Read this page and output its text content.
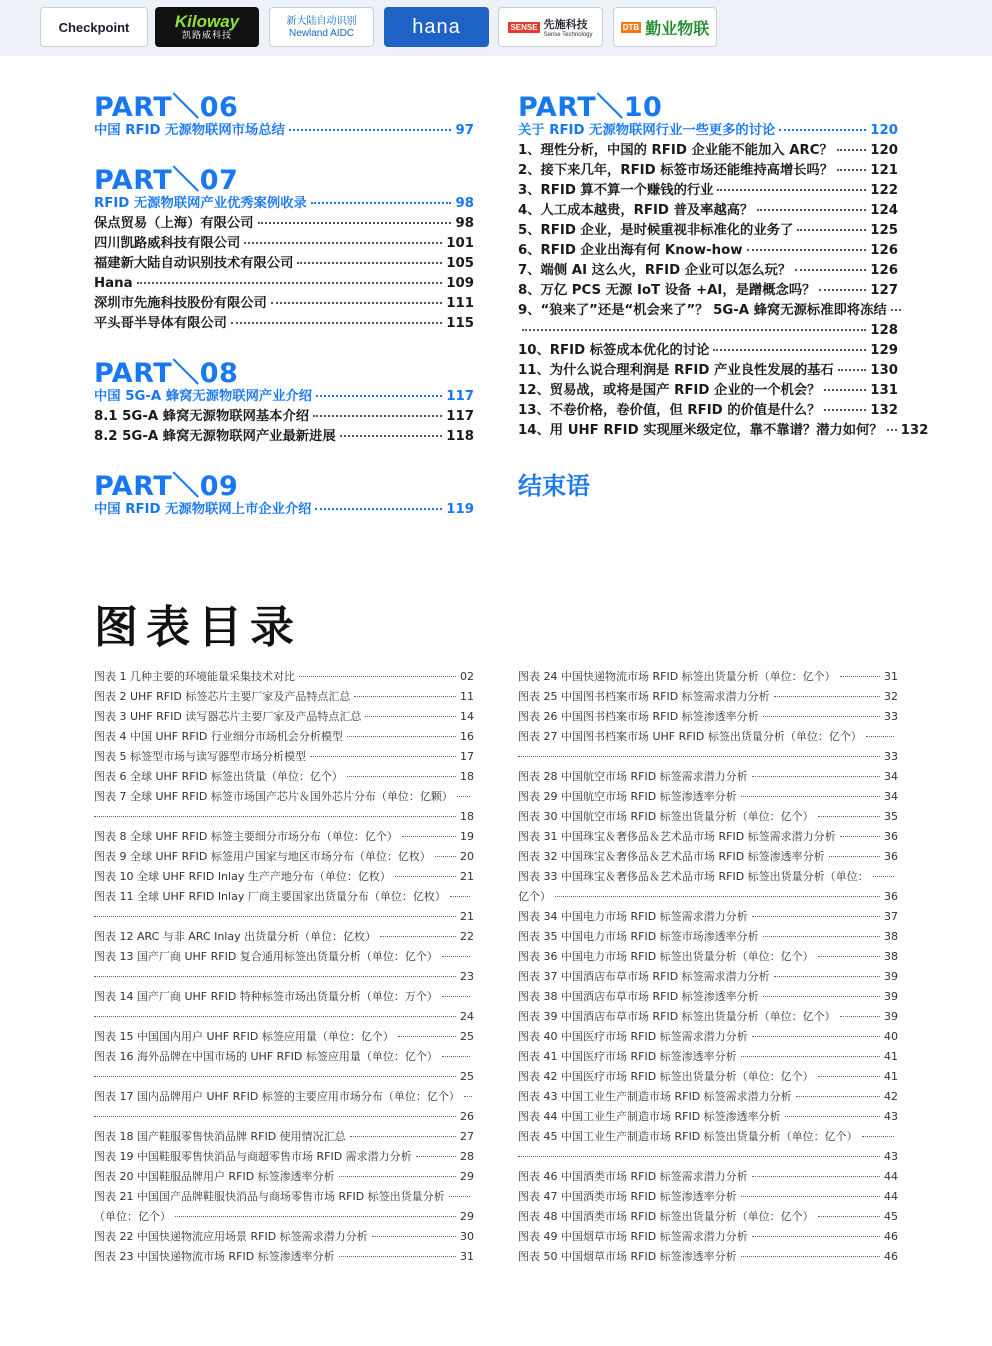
Checkpoint	Kiloway
凯路威科技
新大陆自动识别
Newland AIDC	hana	SENSE 先施科技
Sense Technology
DTB 勤业物联
PART＼06
中国 RFID 无源物联网市场总结	97
PART＼07
RFID 无源物联网产业优秀案例收录	98
保点贸易（上海）有限公司	98
四川凯路威科技有限公司	101
福建新大陆自动识别技术有限公司	105
Hana	109
深圳市先施科技股份有限公司	111
平头哥半导体有限公司	115
PART＼08
中国 5G-A 蜂窝无源物联网产业介绍	117
8.1 5G-A 蜂窝无源物联网基本介绍	117
8.2 5G-A 蜂窝无源物联网产业最新进展	118
PART＼09
中国 RFID 无源物联网上市企业介绍	119
PART＼10
关于 RFID 无源物联网行业一些更多的讨论	120
1、理性分析，中国的 RFID 企业能不能加入 ARC？	120
2、接下来几年，RFID 标签市场还能维持高增长吗？	121
3、RFID 算不算一个赚钱的行业	122
4、人工成本越贵，RFID 普及率越高？	124
5、RFID 企业，是时候重视非标准化的业务了	125
6、RFID 企业出海有何 Know-how	126
7、端侧 AI 这么火，RFID 企业可以怎么玩？	126
8、万亿 PCS 无源 IoT 设备 +AI，是蹭概念吗？	127
9、“狼来了”还是“机会来了”？ 5G-A 蜂窝无源标准即将冻结
128
10、RFID 标签成本优化的讨论	129
11、为什么说合理利润是 RFID 产业良性发展的基石	130
12、贸易战，或将是国产 RFID 企业的一个机会？	131
13、不卷价格，卷价值，但 RFID 的价值是什么？	132
14、用 UHF RFID 实现厘米级定位，靠不靠谱？潜力如何？ 132
结束语
图表目录
图表 1 几种主要的环境能量采集技术对比	02
图表 2 UHF RFID 标签芯片主要厂家及产品特点汇总	11
图表 3 UHF RFID 读写器芯片主要厂家及产品特点汇总	14
图表 4 中国 UHF RFID 行业细分市场机会分析模型	16
图表 5 标签型市场与读写器型市场分析模型	17
图表 6 全球 UHF RFID 标签出货量（单位：亿个）	18
图表 7 全球 UHF RFID 标签市场国产芯片＆国外芯片分布（单位：亿颗）
18
图表 8 全球 UHF RFID 标签主要细分市场分布（单位：亿个）	19
图表 9 全球 UHF RFID 标签用户国家与地区市场分布（单位：亿枚）	20
图表 10 全球 UHF RFID Inlay 生产产地分布（单位：亿枚）	21
图表 11 全球 UHF RFID Inlay 厂商主要国家出货量分布（单位：亿枚）
21
图表 12 ARC 与非 ARC Inlay 出货量分析（单位：亿枚）	22
图表 13 国产厂商 UHF RFID 复合通用标签出货量分析（单位：亿个）
23
图表 14 国产厂商 UHF RFID 特种标签市场出货量分析（单位：万个）
24
图表 15 中国国内用户 UHF RFID 标签应用量（单位：亿个）	25
图表 16 海外品牌在中国市场的 UHF RFID 标签应用量（单位：亿个）
25
图表 17 国内品牌用户 UHF RFID 标签的主要应用市场分布（单位：亿个）
26
图表 18 国产鞋服零售快消品牌 RFID 使用情况汇总	27
图表 19 中国鞋服零售快消品与商超零售市场 RFID 需求潜力分析	28
图表 20 中国鞋服品牌用户 RFID 标签渗透率分析	29
图表 21 中国国产品牌鞋服快消品与商场零售市场 RFID 标签出货量分析
（单位：亿个）	29
图表 22 中国快递物流应用场景 RFID 标签需求潜力分析	30
图表 23 中国快递物流市场 RFID 标签渗透率分析	31
图表 24 中国快递物流市场 RFID 标签出货量分析（单位：亿个）	31
图表 25 中国图书档案市场 RFID 标签需求潜力分析	32
图表 26 中国图书档案市场 RFID 标签渗透率分析	33
图表 27 中国图书档案市场 UHF RFID 标签出货量分析（单位：亿个）
33
图表 28 中国航空市场 RFID 标签需求潜力分析	34
图表 29 中国航空市场 RFID 标签渗透率分析	34
图表 30 中国航空市场 RFID 标签出货量分析（单位：亿个）	35
图表 31 中国珠宝＆奢侈品＆艺术品市场 RFID 标签需求潜力分析	36
图表 32 中国珠宝＆奢侈品＆艺术品市场 RFID 标签渗透率分析	36
图表 33 中国珠宝＆奢侈品＆艺术品市场 RFID 标签出货量分析（单位：
亿个）	36
图表 34 中国电力市场 RFID 标签需求潜力分析	37
图表 35 中国电力市场 RFID 标签市场渗透率分析	38
图表 36 中国电力市场 RFID 标签出货量分析（单位：亿个）	38
图表 37 中国酒店布草市场 RFID 标签需求潜力分析	39
图表 38 中国酒店布草市场 RFID 标签渗透率分析	39
图表 39 中国酒店布草市场 RFID 标签出货量分析（单位：亿个）	39
图表 40 中国医疗市场 RFID 标签需求潜力分析	40
图表 41 中国医疗市场 RFID 标签渗透率分析	41
图表 42 中国医疗市场 RFID 标签出货量分析（单位：亿个）	41
图表 43 中国工业生产制造市场 RFID 标签需求潜力分析	42
图表 44 中国工业生产制造市场 RFID 标签渗透率分析	43
图表 45 中国工业生产制造市场 RFID 标签出货量分析（单位：亿个）
43
图表 46 中国酒类市场 RFID 标签需求潜力分析	44
图表 47 中国酒类市场 RFID 标签渗透率分析	44
图表 48 中国酒类市场 RFID 标签出货量分析（单位：亿个）	45
图表 49 中国烟草市场 RFID 标签需求潜力分析	46
图表 50 中国烟草市场 RFID 标签渗透率分析	46
